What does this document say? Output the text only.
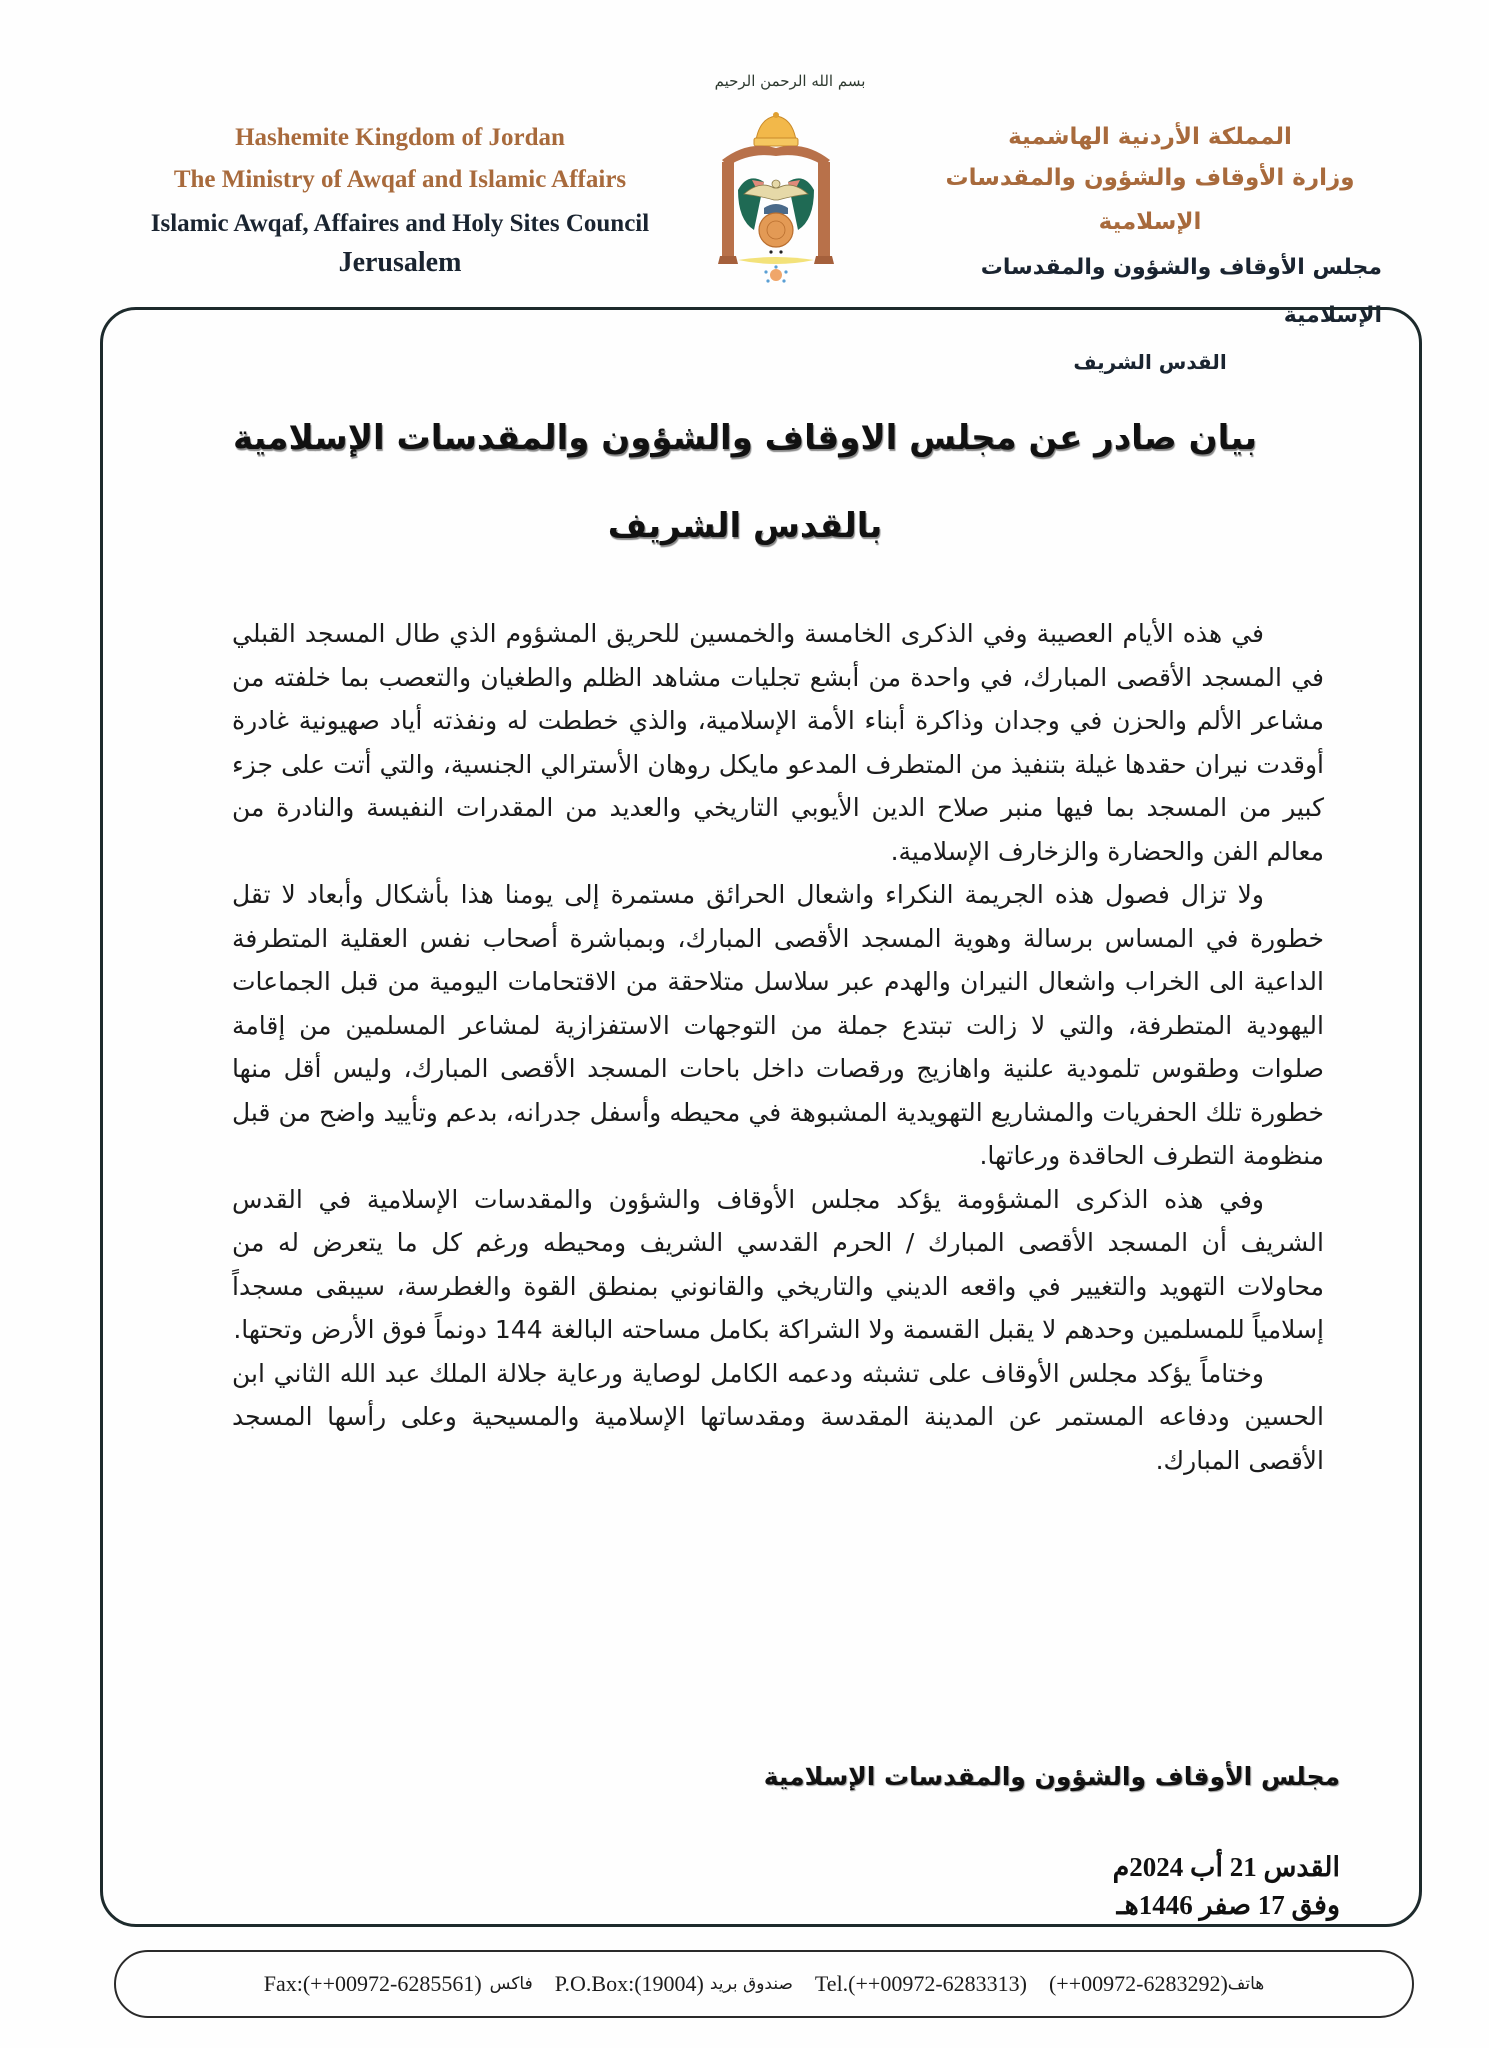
Hashemite Kingdom of Jordan
The Ministry of Awqaf and Islamic Affairs
Islamic Awqaf, Affaires and Holy Sites Council
Jerusalem
بسم الله الرحمن الرحيم
المملكة الأردنية الهاشمية
وزارة الأوقاف والشؤون والمقدسات الإسلامية
مجلس الأوقاف والشؤون والمقدسات الإسلامية
القدس الشريف
بيان صادر عن مجلس الاوقاف والشؤون والمقدسات الإسلامية
بالقدس الشريف

في هذه الأيام العصيبة وفي الذكرى الخامسة والخمسين للحريق المشؤوم الذي طال المسجد القبلي في المسجد الأقصى المبارك، في واحدة من أبشع تجليات مشاهد الظلم والطغيان والتعصب بما خلفته من مشاعر الألم والحزن في وجدان وذاكرة أبناء الأمة الإسلامية، والذي خططت له ونفذته أياد صهيونية غادرة أوقدت نيران حقدها غيلة بتنفيذ من المتطرف المدعو مايكل روهان الأسترالي الجنسية، والتي أتت على جزء كبير من المسجد بما فيها منبر صلاح الدين الأيوبي التاريخي والعديد من المقدرات النفيسة والنادرة من معالم الفن والحضارة والزخارف الإسلامية.

ولا تزال فصول هذه الجريمة النكراء واشعال الحرائق مستمرة إلى يومنا هذا بأشكال وأبعاد لا تقل خطورة في المساس برسالة وهوية المسجد الأقصى المبارك، وبمباشرة أصحاب نفس العقلية المتطرفة الداعية الى الخراب واشعال النيران والهدم عبر سلاسل متلاحقة من الاقتحامات اليومية من قبل الجماعات اليهودية المتطرفة، والتي لا زالت تبتدع جملة من التوجهات الاستفزازية لمشاعر المسلمين من إقامة صلوات وطقوس تلمودية علنية واهازيج ورقصات داخل باحات المسجد الأقصى المبارك، وليس أقل منها خطورة تلك الحفريات والمشاريع التهويدية المشبوهة في محيطه وأسفل جدرانه، بدعم وتأييد واضح من قبل منظومة التطرف الحاقدة ورعاتها.

وفي هذه الذكرى المشؤومة يؤكد مجلس الأوقاف والشؤون والمقدسات الإسلامية في القدس الشريف أن المسجد الأقصى المبارك / الحرم القدسي الشريف ومحيطه ورغم كل ما يتعرض له من محاولات التهويد والتغيير في واقعه الديني والتاريخي والقانوني بمنطق القوة والغطرسة، سيبقى مسجداً إسلامياً للمسلمين وحدهم لا يقبل القسمة ولا الشراكة بكامل مساحته البالغة 144 دونماً فوق الأرض وتحتها.

وختاماً يؤكد مجلس الأوقاف على تشبثه ودعمه الكامل لوصاية ورعاية جلالة الملك عبد الله الثاني ابن الحسين ودفاعه المستمر عن المدينة المقدسة ومقدساتها الإسلامية والمسيحية وعلى رأسها المسجد الأقصى المبارك.

مجلس الأوقاف والشؤون والمقدسات الإسلامية
القدس 21 أب 2024م
وفق 17 صفر 1446هـ
Fax:(++00972-6285561) فاكس P.O.Box:(19004) صندوق بريد Tel.(++00972-6283313) (++00972-6283292) هاتف
